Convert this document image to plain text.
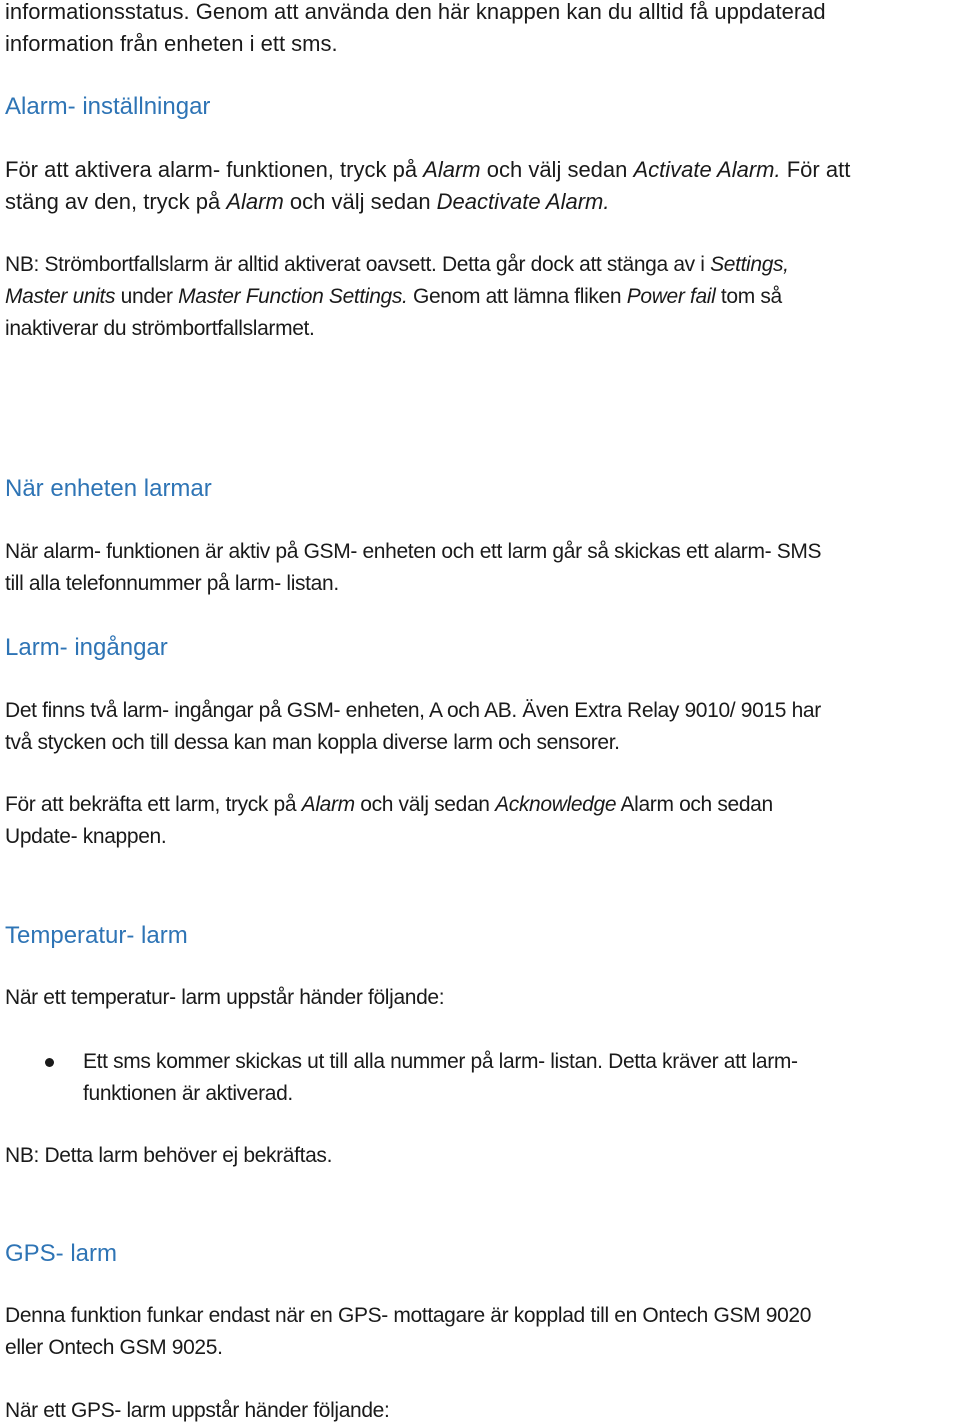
informationsstatus. Genom att använda den här knappen kan du alltid få uppdaterad

information från enheten i ett sms.

Alarm- inställningar

För att aktivera alarm- funktionen, tryck på Alarm och välj sedan Activate Alarm. För att

stäng av den, tryck på Alarm och välj sedan Deactivate Alarm.

NB: Strömbortfallslarm är alltid aktiverat oavsett. Detta går dock att stänga av i Settings,

Master units under Master Function Settings. Genom att lämna fliken Power fail tom så

inaktiverar du strömbortfallslarmet.

När enheten larmar

När alarm- funktionen är aktiv på GSM- enheten och ett larm går så skickas ett alarm- SMS

till alla telefonnummer på larm- listan.

Larm- ingångar

Det finns två larm- ingångar på GSM- enheten, A och AB. Även Extra Relay 9010/ 9015 har

två stycken och till dessa kan man koppla diverse larm och sensorer.

För att bekräfta ett larm, tryck på Alarm och välj sedan Acknowledge Alarm och sedan

Update- knappen.

Temperatur- larm

När ett temperatur- larm uppstår händer följande:

Ett sms kommer skickas ut till alla nummer på larm- listan. Detta kräver att larm-

funktionen är aktiverad.

NB: Detta larm behöver ej bekräftas.

GPS- larm

Denna funktion funkar endast när en GPS- mottagare är kopplad till en Ontech GSM 9020

eller Ontech GSM 9025.

När ett GPS- larm uppstår händer följande:
